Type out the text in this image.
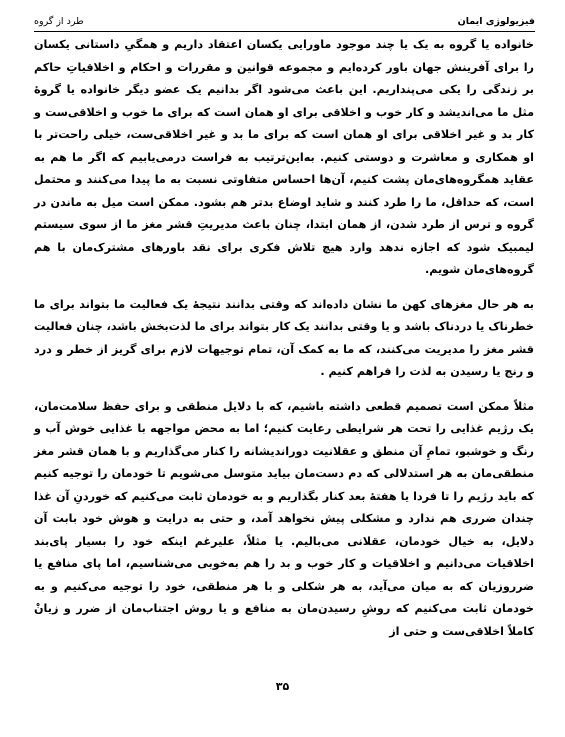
طرد از گروه	فیزیولوژی ایمان

خانواده یا گروه به یک یا چند موجود ماورایی یکسان اعتقاد داریم و همگیِ داستانی یکسان را برای آفرینش جهان باور کرده‌ایم و مجموعه قوانین و مقررات و احکام و اخلاقیاتِ حاکم بر زندگی را یکی می‌پنداریم. این باعث می‌شود اگر بدانیم یک عضو دیگر خانواده یا گروهٔ مثل ما می‌اندیشد و کار خوب و اخلاقی برای او همان است که برای ما خوب و اخلاقی‌ست و کار بد و غیر اخلاقی برای او همان است که برای ما بد و غیر اخلاقی‌ست، خیلی راحت‌تر با او همکاری و معاشرت و دوستی کنیم. به‌این‌ترتیب به فراست درمی‌یابیم که اگر ما هم به عقاید همگروه‌های‌مان پشت کنیم، آن‌ها احساس متفاوتی نسبت به ما پیدا می‌کنند و محتمل است، که حداقل، ما را طرد کنند و شاید اوضاع بدتر هم بشود. ممکن است میل به ماندن در گروه و ترس از طرد شدن، از همان ابتدا، چنان باعث مدیریتِ قشر مغز ما از سوی سیستم لیمبیک شود که اجازه ندهد وارد هیچ تلاش فکری برای نقد باورهای مشترک‌مان با هم گروه‌های‌مان شویم.

به هر حال مغزهای کهن ما نشان داده‌اند که وقتی بدانند نتیجهٔ یک فعالیت ما بتواند برای ما خطرناک یا دردناک باشد و یا وقتی بدانند یک کار بتواند برای ما لذت‌بخش باشد، چنان فعالیت قشر مغز را مدیریت می‌کنند، که ما به کمک آن، تمام توجیهات لازم برای گریز از خطر و درد و رنج یا رسیدن به لذت را فراهم کنیم .

مثلاً ممکن است تصمیم قطعی داشته باشیم، که با دلایل منطقی و برای حفظ سلامت‌مان، یک رژیم غذایی را تحت هر شرایطی رعایت کنیم؛ اما به محض مواجهه با غذایی خوش آب و رنگ و خوشبو، تمامِ آن منطق و عقلانیت دوراندیشانه را کنار می‌گذاریم و با همان قشر مغز منطقی‌مان به هر استدلالی که دم دست‌مان بیاید متوسل می‌شویم تا خودمان را توجیه کنیم که باید رژیم را تا فردا یا هفتهٔ بعد کنار بگذاریم و به خودمان ثابت می‌کنیم که خوردنِ آن غذا چندان ضرری هم ندارد و مشکلی پیش نخواهد آمد، و حتی به درایت و هوش خود بابت آن دلایل، به خیال خودمان، عقلانی می‌بالیم. یا مثلاً، علیرغم اینکه خود را بسیار پای‌بند اخلاقیات می‌دانیم و اخلاقیات و کار خوب و بد را هم به‌خوبی می‌شناسیم، اما پای منافع یا ضرروزیان که به میان می‌آید، به هر شکلی و با هر منطقی، خود را توجیه می‌کنیم و به خودمان ثابت می‌کنیم که روشِ رسیدن‌مان به منافع و یا روش اجتناب‌مان از ضرر و زیانْ کاملاً اخلاقی‌ست و حتی از

۳۵
